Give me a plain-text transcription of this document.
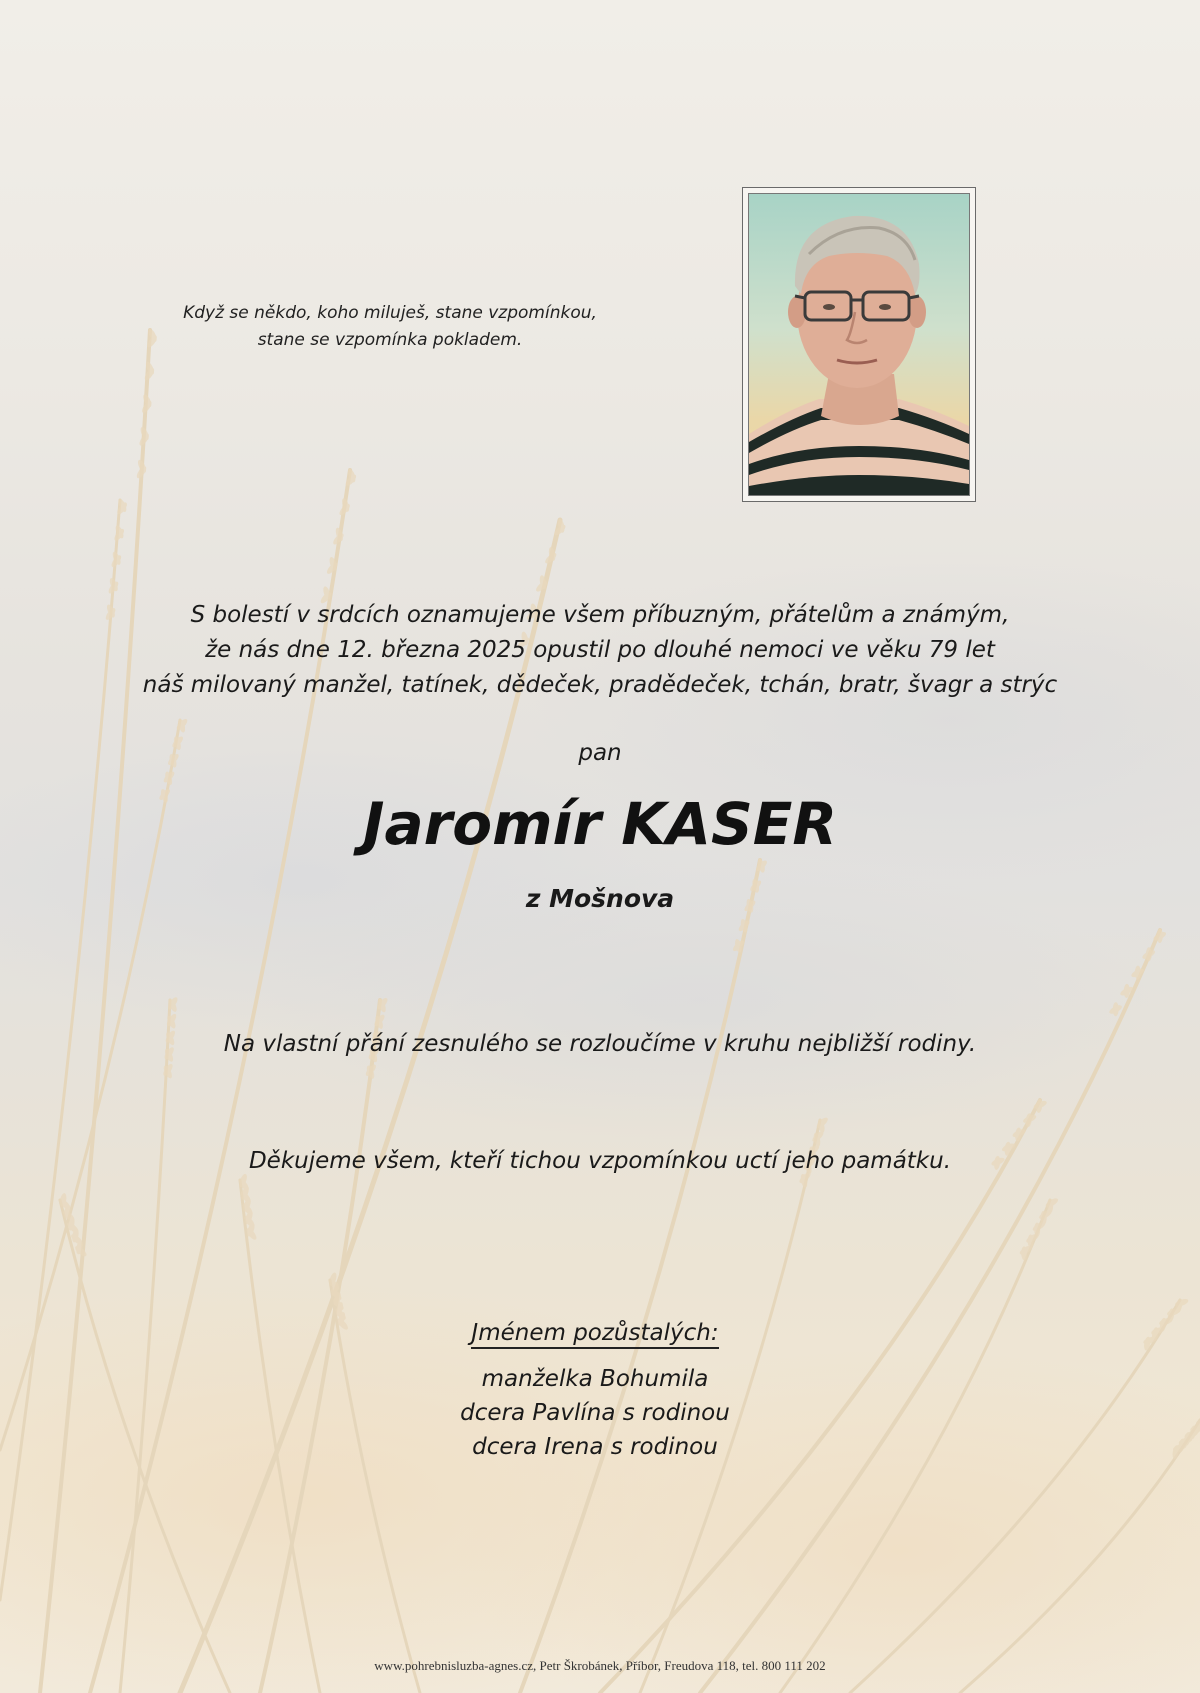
Když se někdo, koho miluješ, stane vzpomínkou,
stane se vzpomínka pokladem.
S bolestí v srdcích oznamujeme všem příbuzným, přátelům a známým,
že nás dne 12. března 2025 opustil po dlouhé nemoci ve věku 79 let
náš milovaný manžel, tatínek, dědeček, pradědeček, tchán, bratr, švagr a strýc
pan
Jaromír KASER
z Mošnova
Na vlastní přání zesnulého se rozloučíme v kruhu nejbližší rodiny.
Děkujeme všem, kteří tichou vzpomínkou uctí jeho památku.
Jménem pozůstalých:
manželka Bohumila
dcera Pavlína s rodinou
dcera Irena s rodinou
www.pohrebnisluzba-agnes.cz, Petr Škrobánek, Příbor, Freudova 118, tel. 800 111 202
